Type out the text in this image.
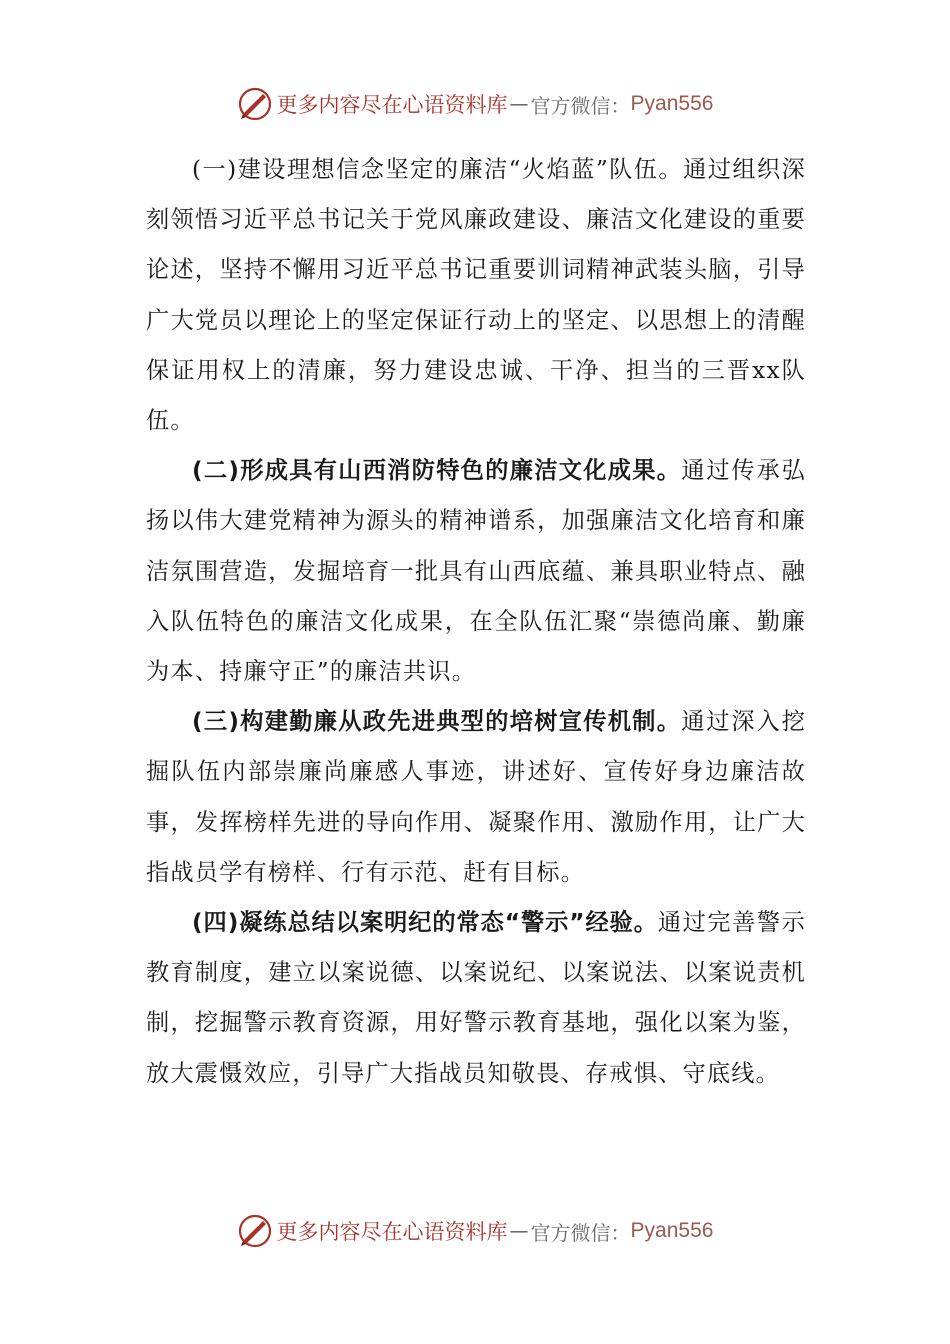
更多内容尽在心语资料库 — 官方微信： Pyan556

(一)建设理想信念坚定的廉洁“火焰蓝”队伍。通过组织深刻领悟习近平总书记关于党风廉政建设、廉洁文化建设的重要论述，坚持不懈用习近平总书记重要训词精神武装头脑，引导广大党员以理论上的坚定保证行动上的坚定、以思想上的清醒保证用权上的清廉，努力建设忠诚、干净、担当的三晋xx队伍。

(二)形成具有山西消防特色的廉洁文化成果。通过传承弘扬以伟大建党精神为源头的精神谱系，加强廉洁文化培育和廉洁氛围营造，发掘培育一批具有山西底蕴、兼具职业特点、融入队伍特色的廉洁文化成果，在全队伍汇聚“崇德尚廉、勤廉为本、持廉守正”的廉洁共识。

(三)构建勤廉从政先进典型的培树宣传机制。通过深入挖掘队伍内部崇廉尚廉感人事迹，讲述好、宣传好身边廉洁故事，发挥榜样先进的导向作用、凝聚作用、激励作用，让广大指战员学有榜样、行有示范、赶有目标。

(四)凝练总结以案明纪的常态“警示”经验。通过完善警示教育制度，建立以案说德、以案说纪、以案说法、以案说责机制，挖掘警示教育资源，用好警示教育基地，强化以案为鉴，放大震慑效应，引导广大指战员知敬畏、存戒惧、守底线。

更多内容尽在心语资料库 — 官方微信： Pyan556
